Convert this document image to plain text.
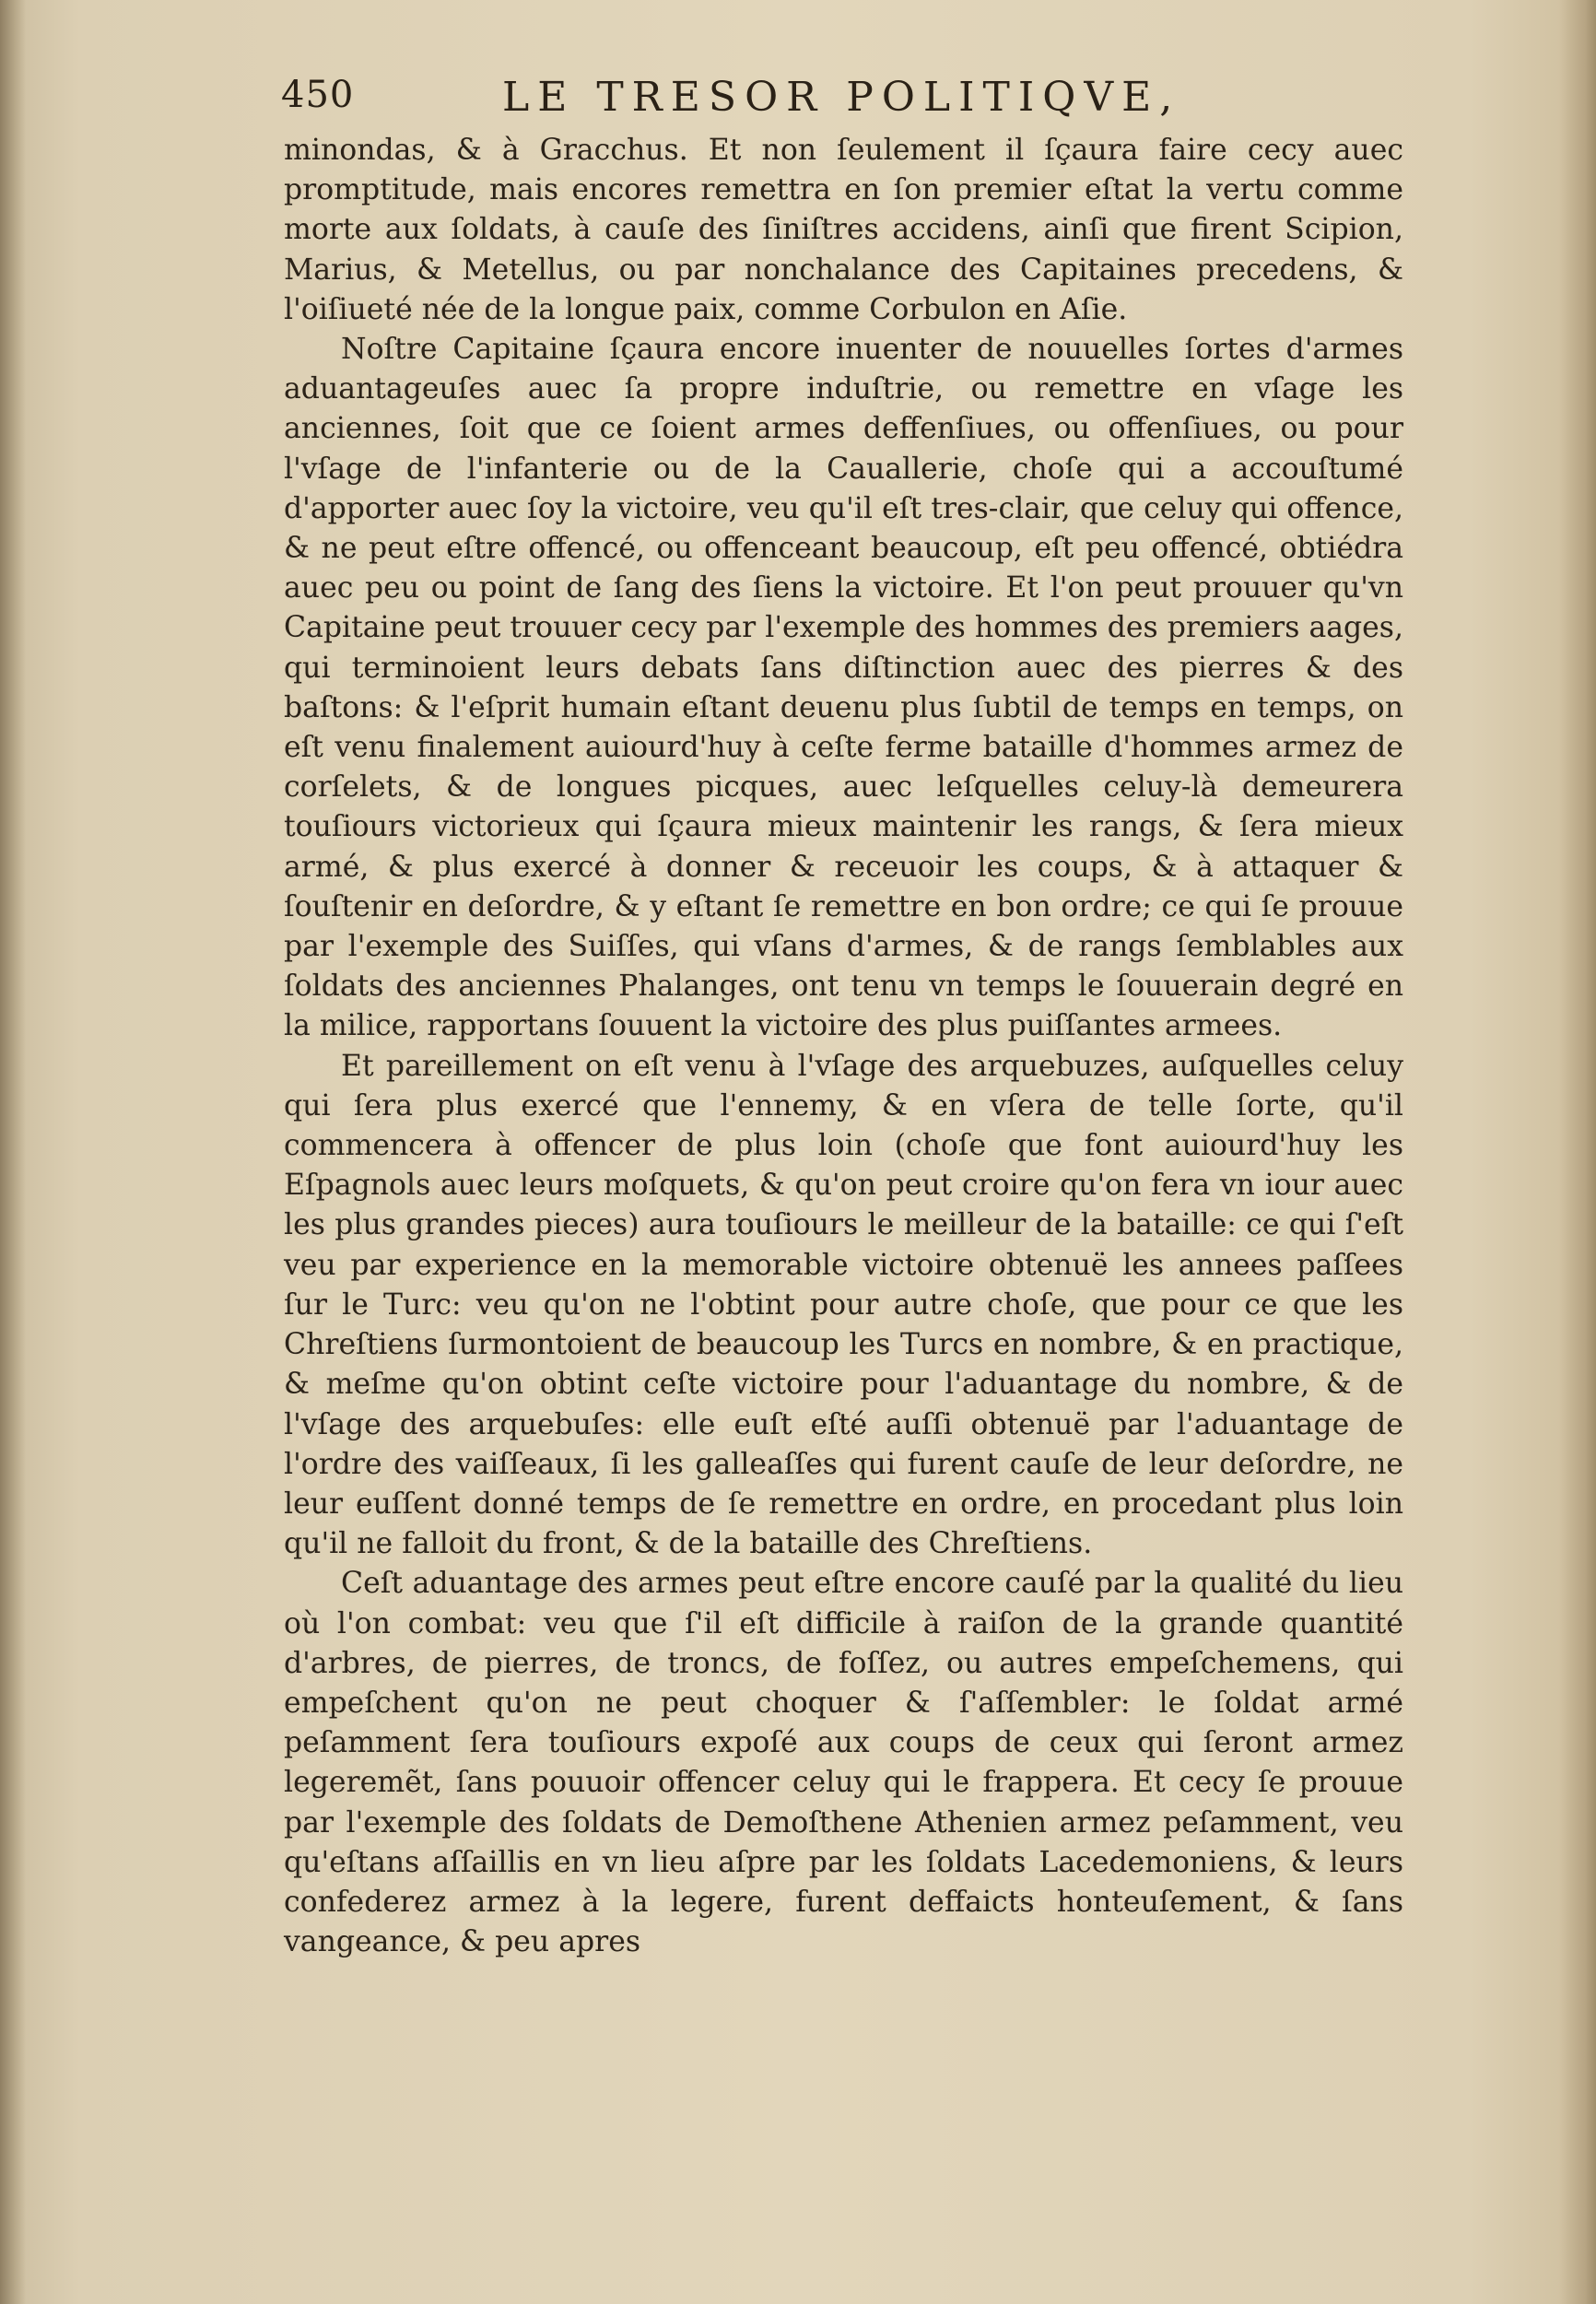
450	LE TRESOR POLITIQVE,

minondas, & à Gracchus. Et non ſeulement il ſçaura faire cecy auec promptitude, mais encores remettra en ſon premier eſtat la vertu comme morte aux ſoldats, à cauſe des ſiniſtres accidens, ainſi que firent Scipion, Marius, & Metellus, ou par nonchalance des Capitaines precedens, & l'oiſiueté née de la longue paix, comme Corbulon en Aſie.

Noſtre Capitaine ſçaura encore inuenter de nouuelles ſortes d'armes aduantageuſes auec ſa propre induſtrie, ou remettre en vſage les anciennes, ſoit que ce ſoient armes deffenſiues, ou offenſiues, ou pour l'vſage de l'infanterie ou de la Cauallerie, choſe qui a accouſtumé d'apporter auec ſoy la victoire, veu qu'il eſt tres-clair, que celuy qui offence, & ne peut eſtre offencé, ou offenceant beaucoup, eſt peu offencé, obtiédra auec peu ou point de ſang des ſiens la victoire. Et l'on peut prouuer qu'vn Capitaine peut trouuer cecy par l'exemple des hommes des premiers aages, qui terminoient leurs debats ſans diſtinction auec des pierres & des baſtons: & l'eſprit humain eſtant deuenu plus ſubtil de temps en temps, on eſt venu finalement auiourd'huy à ceſte ferme bataille d'hommes armez de corſelets, & de longues picques, auec leſquelles celuy-là demeurera touſiours victorieux qui ſçaura mieux maintenir les rangs, & ſera mieux armé, & plus exercé à donner & receuoir les coups, & à attaquer & ſouſtenir en deſordre, & y eſtant ſe remettre en bon ordre; ce qui ſe prouue par l'exemple des Suiſſes, qui vſans d'armes, & de rangs ſemblables aux ſoldats des anciennes Phalanges, ont tenu vn temps le ſouuerain degré en la milice, rapportans ſouuent la victoire des plus puiſſantes armees.

Et pareillement on eſt venu à l'vſage des arquebuzes, auſquelles celuy qui ſera plus exercé que l'ennemy, & en vſera de telle ſorte, qu'il commencera à offencer de plus loin (choſe que font auiourd'huy les Eſpagnols auec leurs moſquets, & qu'on peut croire qu'on fera vn iour auec les plus grandes pieces) aura touſiours le meilleur de la bataille: ce qui ſ'eſt veu par experience en la memorable victoire obtenuë les annees paſſees ſur le Turc: veu qu'on ne l'obtint pour autre choſe, que pour ce que les Chreſtiens ſurmontoient de beaucoup les Turcs en nombre, & en practique, & meſme qu'on obtint ceſte victoire pour l'aduantage du nombre, & de l'vſage des arquebuſes: elle euſt eſté auſſi obtenuë par l'aduantage de l'ordre des vaiſſeaux, ſi les galleaſſes qui furent cauſe de leur deſordre, ne leur euſſent donné temps de ſe remettre en ordre, en procedant plus loin qu'il ne falloit du front, & de la bataille des Chreſtiens.

Ceſt aduantage des armes peut eſtre encore cauſé par la qualité du lieu où l'on combat: veu que ſ'il eſt difficile à raiſon de la grande quantité d'arbres, de pierres, de troncs, de foſſez, ou autres empeſchemens, qui empeſchent qu'on ne peut choquer & ſ'aſſembler: le ſoldat armé peſamment ſera touſiours expoſé aux coups de ceux qui ſeront armez legeremẽt, ſans pouuoir offencer celuy qui le frappera. Et cecy ſe prouue par l'exemple des ſoldats de Demoſthene Athenien armez peſamment, veu qu'eſtans aſſaillis en vn lieu aſpre par les ſoldats Lacedemoniens, & leurs confederez armez à la legere, furent deffaicts honteuſement, & ſans vangeance, & peu apres
